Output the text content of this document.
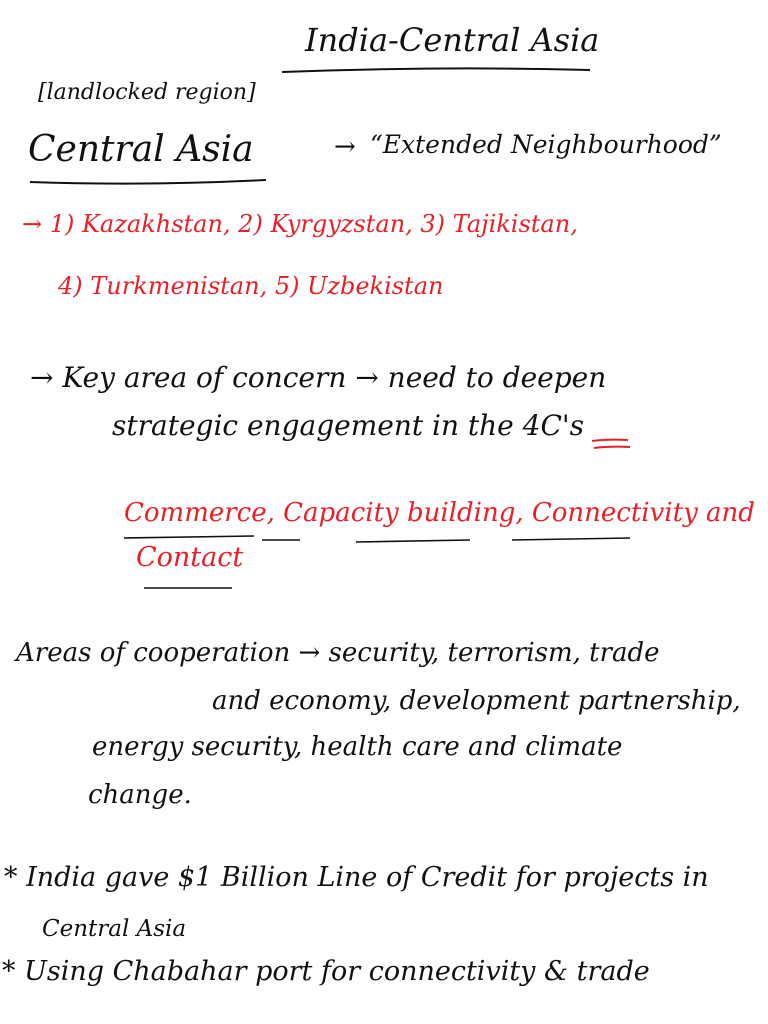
India-Central Asia
[landlocked region]
Central Asia	→ “Extended Neighbourhood”
→ 1) Kazakhstan, 2) Kyrgyzstan, 3) Tajikistan,
4) Turkmenistan, 5) Uzbekistan
→ Key area of concern → need to deepen
strategic engagement in the 4C's
Commerce, Capacity building, Connectivity and
Contact
Areas of cooperation → security, terrorism, trade
and economy, development partnership,
energy security, health care and climate
change.
* India gave $1 Billion Line of Credit for projects in
Central Asia
* Using Chabahar port for connectivity & trade
